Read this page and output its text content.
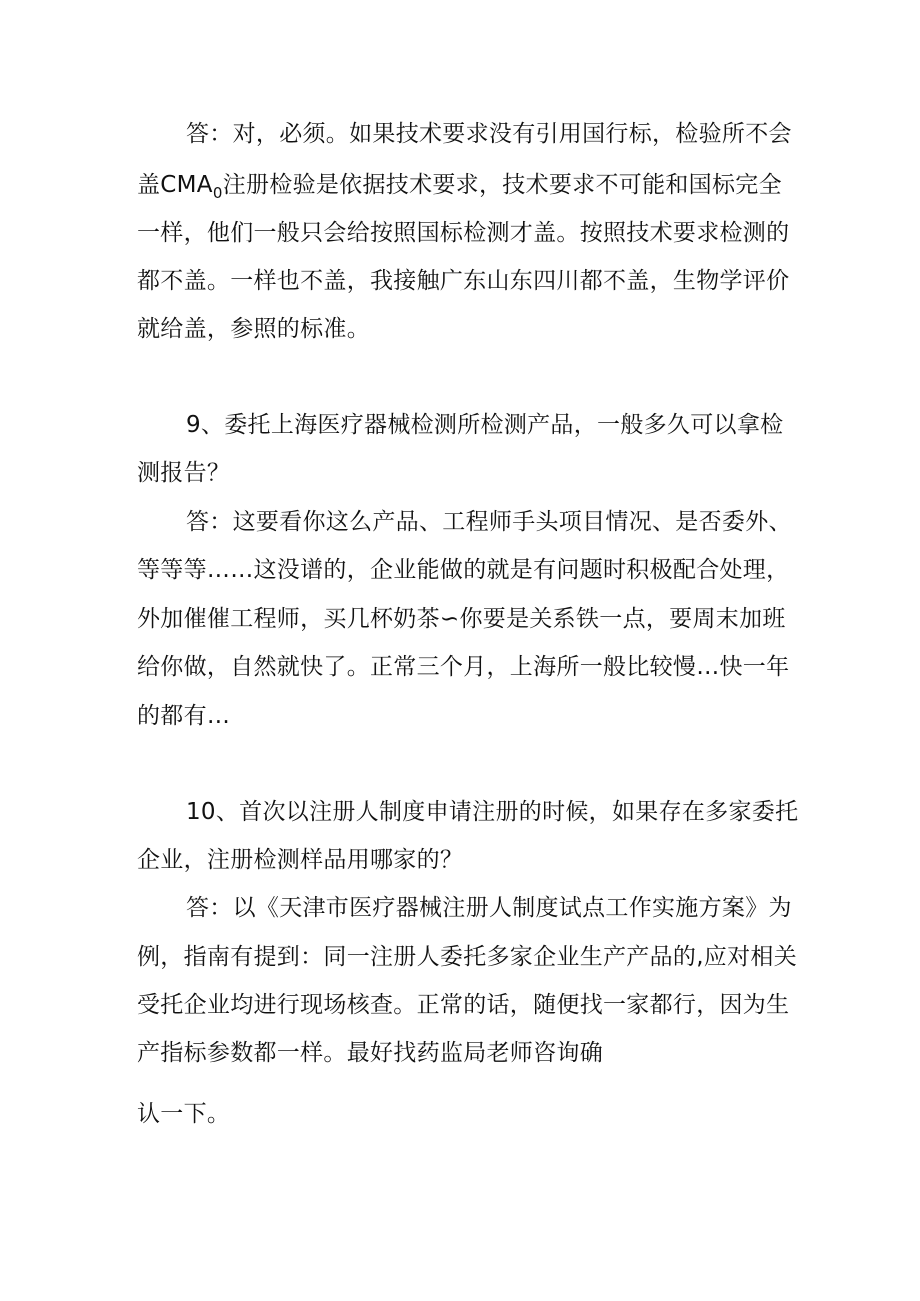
答：对，必须。如果技术要求没有引用国行标，检验所不会
盖$CMA_0$注册检验是依据技术要求，技术要求不可能和国标完全
一样，他们一般只会给按照国标检测才盖。按照技术要求检测的
都不盖。一样也不盖，我接触广东山东四川都不盖，生物学评价
就给盖，参照的标准。
9、委托上海医疗器械检测所检测产品，一般多久可以拿检
测报告？
答：这要看你这么产品、工程师手头项目情况、是否委外、
等等等……这没谱的，企业能做的就是有问题时积极配合处理，
外加催催工程师，买几杯奶茶∽你要是关系铁一点，要周末加班
给你做，自然就快了。正常三个月，上海所一般比较慢…快一年
的都有…
10、首次以注册人制度申请注册的时候，如果存在多家委托
企业，注册检测样品用哪家的？
答：以《天津市医疗器械注册人制度试点工作实施方案》为
例，指南有提到：同一注册人委托多家企业生产产品的,应对相关
受托企业均进行现场核查。正常的话，随便找一家都行，因为生
产指标参数都一样。最好找药监局老师咨询确
认一下。
